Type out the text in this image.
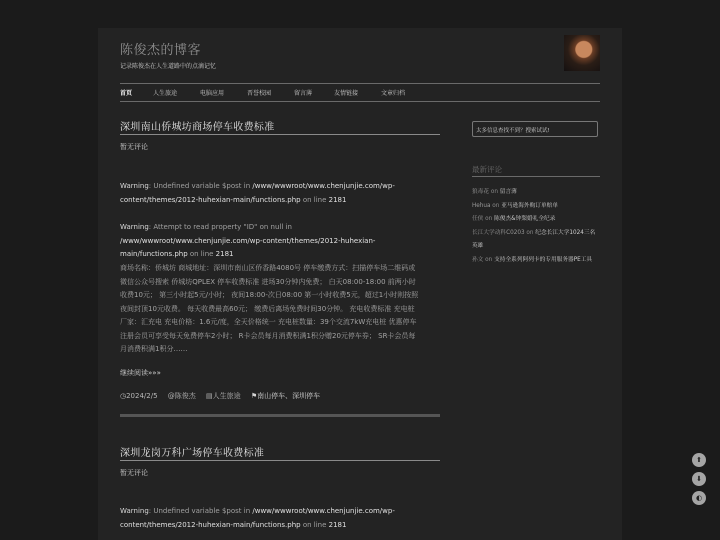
陈俊杰的博客
记录陈俊杰在人生道路中的点滴记忆
首页	人生旅途	电脑应用	晋誉校园	留言薄	友情链接	文章归档
深圳南山侨城坊商场停车收费标准
暂无评论
Warning: Undefined variable $post in /www/wwwroot/www.chenjunjie.com/wp-content/themes/2012-huhexian-main/functions.php on line 2181
Warning: Attempt to read property "ID" on null in /www/wwwroot/www.chenjunjie.com/wp-content/themes/2012-huhexian-main/functions.php on line 2181
商场名称：侨城坊 商城地址：深圳市南山区侨香路4080号 停车缴费方式：扫描停车场二维码或微信公众号搜索 侨城坊QPLEX 停车收费标准 进场30分钟内免费； 白天08:00-18:00 前两小时收费10元； 第三小时起5元/小时； 夜间18:00-次日08:00 第一小时收费5元，超过1小时则按照夜间封顶10元收费。 每天收费最高60元； 缴费后离场免费时间30分钟。 充电收费标准 充电桩厂家：汇充电 充电价格：1.6元/度，全天价格统一 充电桩数量：39个交流7kW充电桩 优惠停车 注册会员可享受每天免费停车2小时； R卡会员每月消费积满1积分赠20元停车券； SR卡会员每月消费积满1积分……
继续阅读»»»
◷2024/2/5 @陈俊杰 ▤人生旅途 ⚑南山停车、深圳停车
深圳龙岗万科广场停车收费标准
暂无评论
Warning: Undefined variable $post in /www/wwwroot/www.chenjunjie.com/wp-content/themes/2012-huhexian-main/functions.php on line 2181
太多信息查找不到？搜索试试!
最新评论
狼毒花 on 留言薄
Hehua on 亚马逊海外购订单赔单
任侠 on 陈俊杰&钟梨婚礼全纪录
长江大学动科C0203 on 纪念长江大学1024三名英雄
孙文 on 支持全系列阿列卡的专用服务器PE工具
⬆
⬇
◐
